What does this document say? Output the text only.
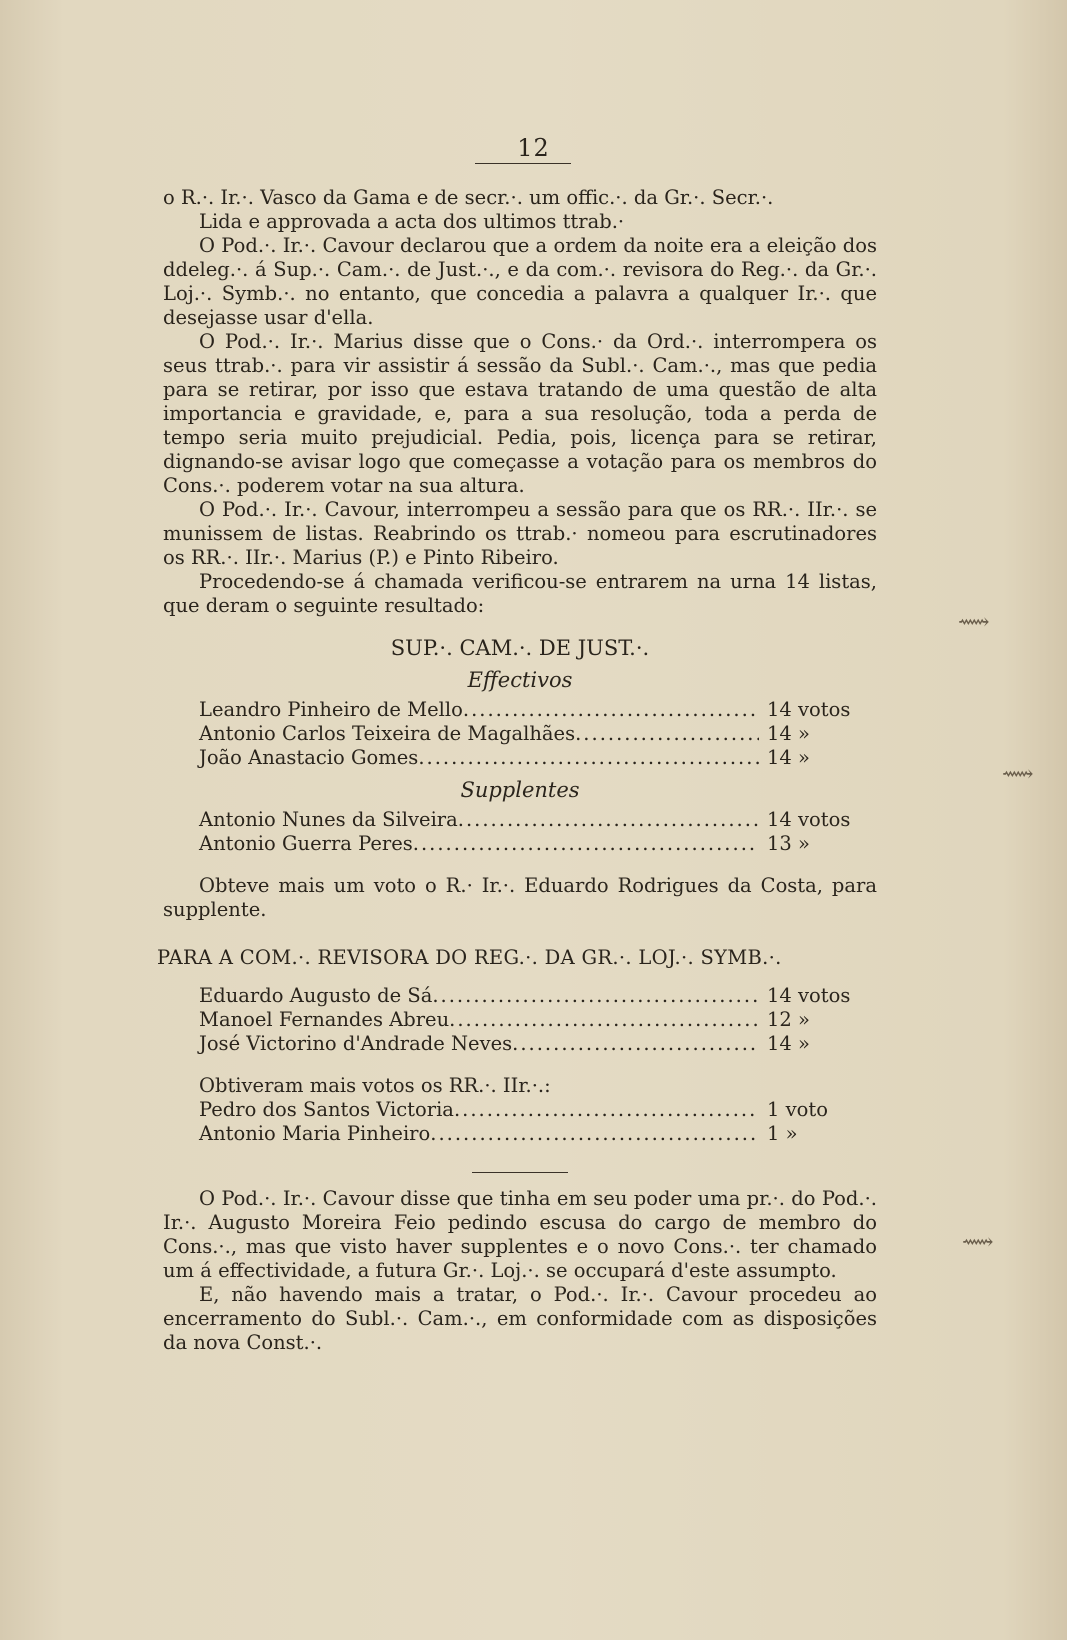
12
⟿
⟿
⟿

o R.·. Ir.·. Vasco da Gama e de secr.·. um offic.·. da Gr.·. Secr.·.

Lida e approvada a acta dos ultimos ttrab.·

O Pod.·. Ir.·. Cavour declarou que a ordem da noite era a eleição dos ddeleg.·. á Sup.·. Cam.·. de Just.·., e da com.·. revisora do Reg.·. da Gr.·. Loj.·. Symb.·. no entanto, que concedia a palavra a qualquer Ir.·. que desejasse usar d'ella.

O Pod.·. Ir.·. Marius disse que o Cons.· da Ord.·. interrompera os seus ttrab.·. para vir assistir á sessão da Subl.·. Cam.·., mas que pedia para se retirar, por isso que estava tratando de uma questão de alta importancia e gravidade, e, para a sua resolução, toda a perda de tempo seria muito prejudicial. Pedia, pois, licença para se retirar, dignando-se avisar logo que começasse a votação para os membros do Cons.·. poderem votar na sua altura.

O Pod.·. Ir.·. Cavour, interrompeu a sessão para que os RR.·. IIr.·. se munissem de listas. Reabrindo os ttrab.· nomeou para escrutinadores os RR.·. IIr.·. Marius (P.) e Pinto Ribeiro.

Procedendo-se á chamada verificou-se entrarem na urna 14 listas, que deram o seguinte resultado:

SUP.·. CAM.·. DE JUST.·.
Effectivos
Leandro Pinheiro de Mello .....	14 votos
Antonio Carlos Teixeira de Magalhães .....	14 »
João Anastacio Gomes .....	14 »
Supplentes
Antonio Nunes da Silveira .....	14 votos
Antonio Guerra Peres .....	13 »

Obteve mais um voto o R.· Ir.·. Eduardo Rodrigues da Costa, para supplente.

PARA A COM.·. REVISORA DO REG.·. DA GR.·. LOJ.·. SYMB.·.
Eduardo Augusto de Sá .....	14 votos
Manoel Fernandes Abreu .....	12 »
José Victorino d'Andrade Neves .....	14 »
Obtiveram mais votos os RR.·. IIr.·.:
Pedro dos Santos Victoria .....	1 voto
Antonio Maria Pinheiro .....	1 »

O Pod.·. Ir.·. Cavour disse que tinha em seu poder uma pr.·. do Pod.·. Ir.·. Augusto Moreira Feio pedindo escusa do cargo de membro do Cons.·., mas que visto haver supplentes e o novo Cons.·. ter chamado um á effectividade, a futura Gr.·. Loj.·. se occupará d'este assumpto.

E, não havendo mais a tratar, o Pod.·. Ir.·. Cavour procedeu ao encerramento do Subl.·. Cam.·., em conformidade com as disposições da nova Const.·.
